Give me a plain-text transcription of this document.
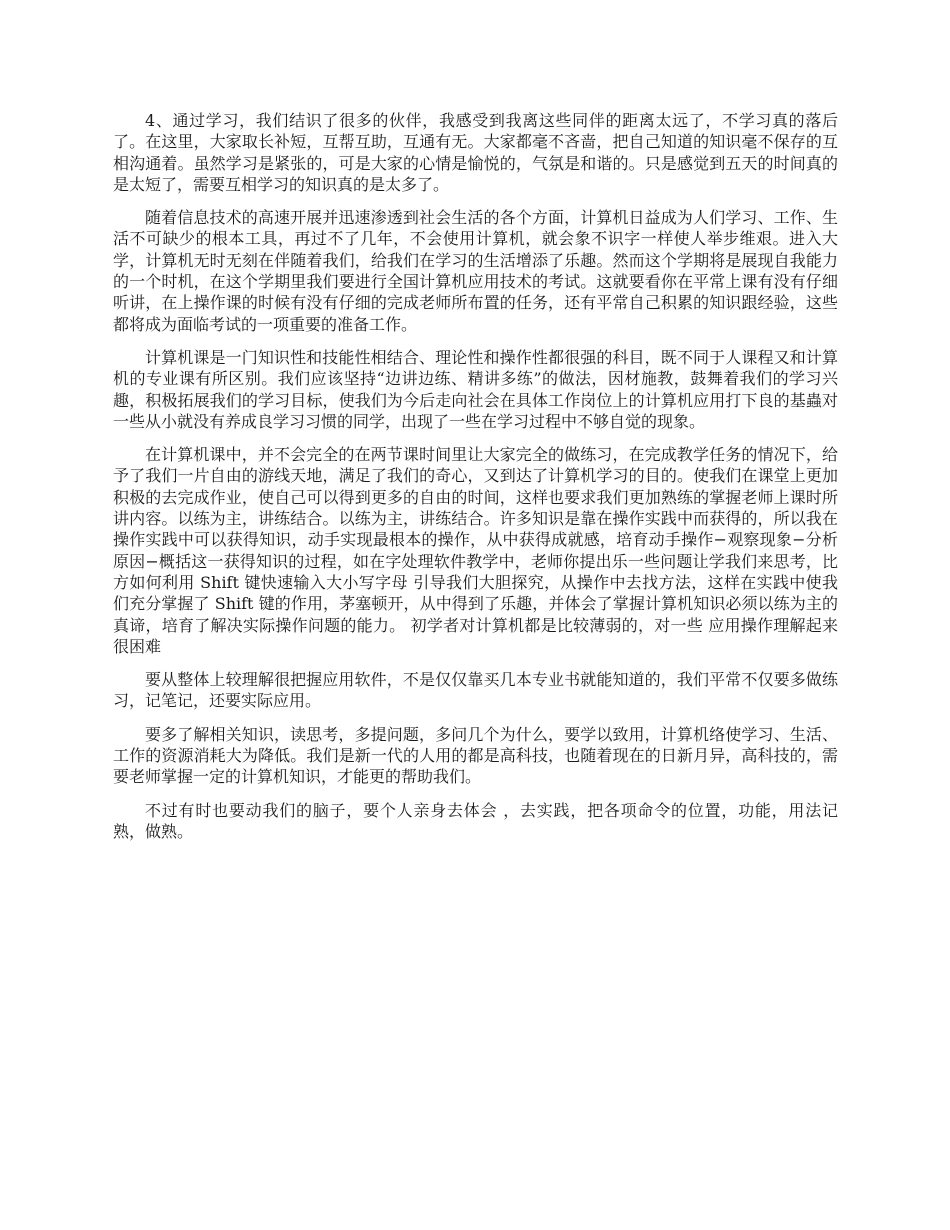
4、通过学习，我们结识了很多的伙伴，我感受到我离这些同伴的距离太远了，不学习真的落后了。在这里，大家取长补短，互帮互助，互通有无。大家都毫不吝啬，把自己知道的知识毫不保存的互相沟通着。虽然学习是紧张的，可是大家的心情是愉悦的，气氛是和谐的。只是感觉到五天的时间真的是太短了，需要互相学习的知识真的是太多了。

随着信息技术的高速开展并迅速渗透到社会生活的各个方面，计算机日益成为人们学习、工作、生活不可缺少的根本工具，再过不了几年，不会使用计算机，就会象不识字一样使人举步维艰。进入大学，计算机无时无刻在伴随着我们，给我们在学习的生活增添了乐趣。然而这个学期将是展现自我能力的一个时机，在这个学期里我们要进行全国计算机应用技术的考试。这就要看你在平常上课有没有仔细听讲，在上操作课的时候有没有仔细的完成老师所布置的任务，还有平常自己积累的知识跟经验，这些都将成为面临考试的一项重要的准备工作。

计算机课是一门知识性和技能性相结合、理论性和操作性都很强的科目，既不同于人课程又和计算机的专业课有所区别。我们应该坚持“边讲边练、精讲多练”的做法，因材施教，鼓舞着我们的学习兴趣，积极拓展我们的学习目标，使我们为今后走向社会在具体工作岗位上的计算机应用打下良的基蟲对一些从小就没有养成良学习习惯的同学，出现了一些在学习过程中不够自觉的现象。

在计算机课中，并不会完全的在两节课时间里让大家完全的做练习，在完成教学任务的情况下，给予了我们一片自由的游线天地，满足了我们的奇心，又到达了计算机学习的目的。使我们在课堂上更加积极的去完成作业，使自己可以得到更多的自由的时间，这样也要求我们更加熟练的掌握老师上课时所讲内容。以练为主，讲练结合。以练为主，讲练结合。许多知识是靠在操作实践中而获得的，所以我在操作实践中可以获得知识，动手实现最根本的操作，从中获得成就感，培育动手操作−观察现象−分析原因−概括这一获得知识的过程，如在字处理软件教学中，老师你提出乐一些问题让学我们来思考，比方如何利用 Shift 键快速输入大小写字母 引导我们大胆探究，从操作中去找方法，这样在实践中使我们充分掌握了 Shift 键的作用，茅塞顿开，从中得到了乐趣，并体会了掌握计算机知识必须以练为主的真谛，培育了解决实际操作问题的能力。 初学者对计算机都是比较薄弱的，对一些 应用操作理解起来很困难

要从整体上较理解很把握应用软件，不是仅仅靠买几本专业书就能知道的，我们平常不仅要多做练习，记笔记，还要实际应用。

要多了解相关知识，读思考，多提问题，多问几个为什么，要学以致用，计算机络使学习、生活、工作的资源消耗大为降低。我们是新一代的人用的都是高科技，也随着现在的日新月异，高科技的，需要老师掌握一定的计算机知识，才能更的帮助我们。

不过有时也要动我们的脑子，要个人亲身去体会 ，去实践，把各项命令的位置，功能，用法记熟，做熟。
